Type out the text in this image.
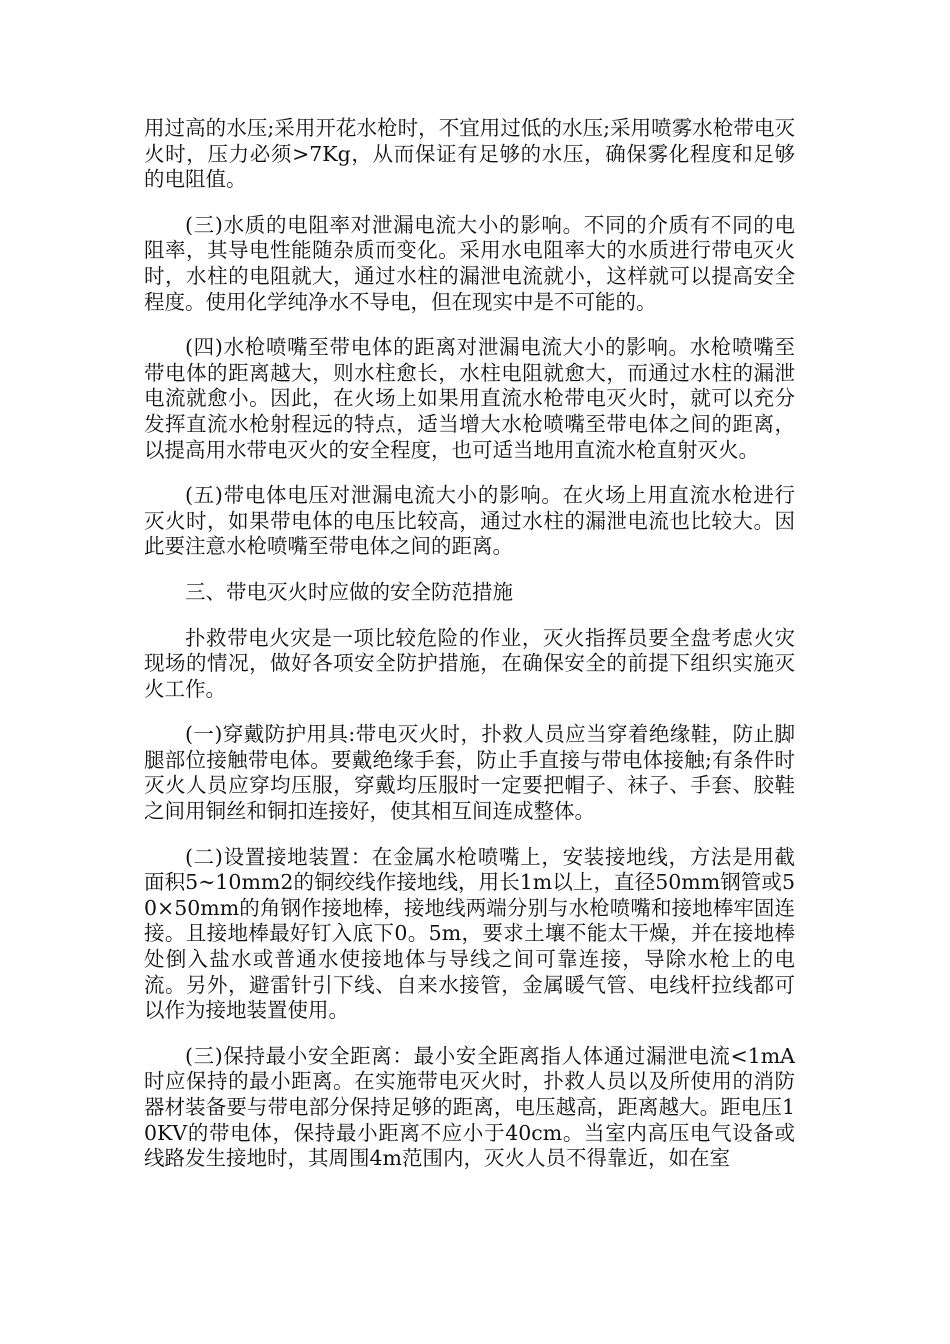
用过高的水压;采用开花水枪时，不宜用过低的水压;采用喷雾水枪带电灭火时，压力必须>7Kg，从而保证有足够的水压，确保雾化程度和足够的电阻值。

(三)水质的电阻率对泄漏电流大小的影响。不同的介质有不同的电阻率，其导电性能随杂质而变化。采用水电阻率大的水质进行带电灭火时，水柱的电阻就大，通过水柱的漏泄电流就小，这样就可以提高安全程度。使用化学纯净水不导电，但在现实中是不可能的。

(四)水枪喷嘴至带电体的距离对泄漏电流大小的影响。水枪喷嘴至带电体的距离越大，则水柱愈长，水柱电阻就愈大，而通过水柱的漏泄电流就愈小。因此，在火场上如果用直流水枪带电灭火时，就可以充分发挥直流水枪射程远的特点，适当增大水枪喷嘴至带电体之间的距离，以提高用水带电灭火的安全程度，也可适当地用直流水枪直射灭火。

(五)带电体电压对泄漏电流大小的影响。在火场上用直流水枪进行灭火时，如果带电体的电压比较高，通过水柱的漏泄电流也比较大。因此要注意水枪喷嘴至带电体之间的距离。

三、带电灭火时应做的安全防范措施

扑救带电火灾是一项比较危险的作业，灭火指挥员要全盘考虑火灾现场的情况，做好各项安全防护措施，在确保安全的前提下组织实施灭火工作。

(一)穿戴防护用具:带电灭火时，扑救人员应当穿着绝缘鞋，防止脚腿部位接触带电体。要戴绝缘手套，防止手直接与带电体接触;有条件时灭火人员应穿均压服，穿戴均压服时一定要把帽子、袜子、手套、胶鞋之间用铜丝和铜扣连接好，使其相互间连成整体。

(二)设置接地装置：在金属水枪喷嘴上，安装接地线，方法是用截面积5~10mm2的铜绞线作接地线，用长1m以上，直径50mm钢管或50×50mm的角钢作接地棒，接地线两端分别与水枪喷嘴和接地棒牢固连接。且接地棒最好钉入底下0。5m，要求土壤不能太干燥，并在接地棒处倒入盐水或普通水使接地体与导线之间可靠连接，导除水枪上的电流。另外，避雷针引下线、自来水接管，金属暖气管、电线杆拉线都可以作为接地装置使用。

(三)保持最小安全距离：最小安全距离指人体通过漏泄电流<1mA时应保持的最小距离。在实施带电灭火时，扑救人员以及所使用的消防器材装备要与带电部分保持足够的距离，电压越高，距离越大。距电压10KV的带电体，保持最小距离不应小于40cm。当室内高压电气设备或线路发生接地时，其周围4m范围内，灭火人员不得靠近，如在室
